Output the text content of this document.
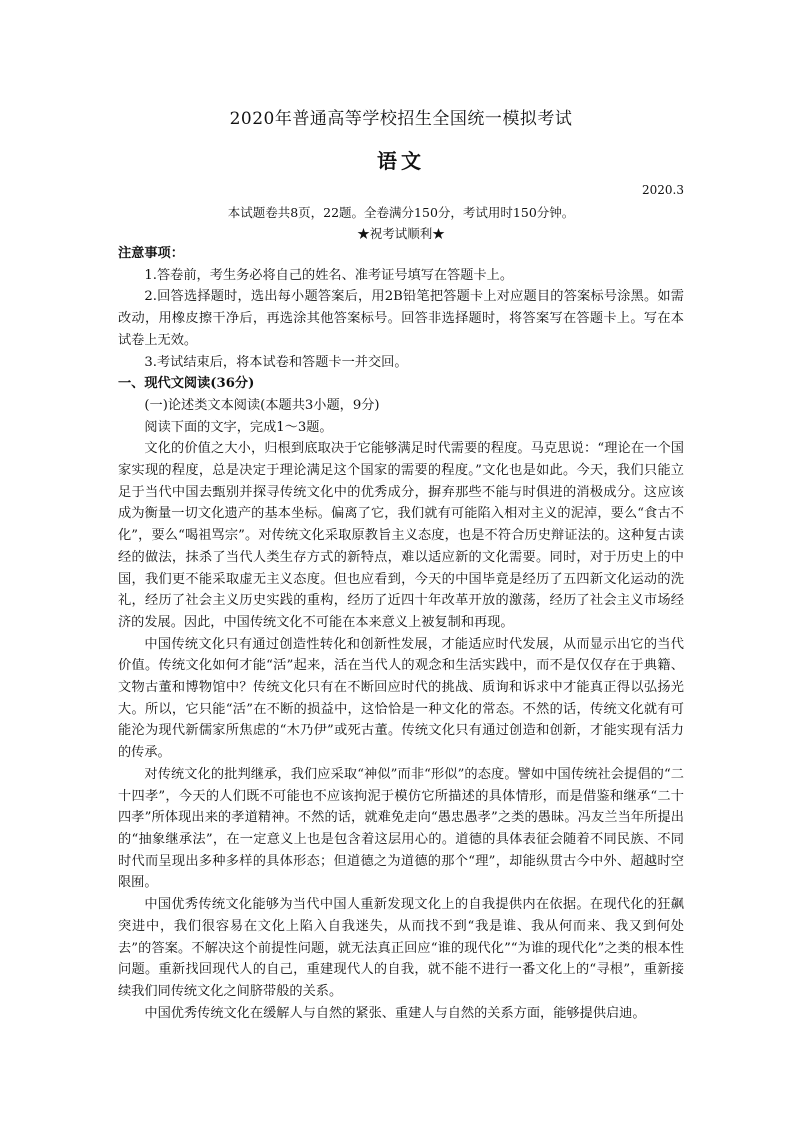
2020年普通高等学校招生全国统一模拟考试
语文
2020.3
本试题卷共8页，22题。全卷满分150分，考试用时150分钟。
★祝考试顺利★

注意事项：

1.答卷前，考生务必将自己的姓名、准考证号填写在答题卡上。

2.回答选择题时，选出每小题答案后，用2B铅笔把答题卡上对应题目的答案标号涂黑。如需改动，用橡皮擦干净后，再选涂其他答案标号。回答非选择题时，将答案写在答题卡上。写在本试卷上无效。

3.考试结束后，将本试卷和答题卡一并交回。

一、现代文阅读(36分)

(一)论述类文本阅读(本题共3小题，9分)

阅读下面的文字，完成1～3题。

文化的价值之大小，归根到底取决于它能够满足时代需要的程度。马克思说：“理论在一个国家实现的程度，总是决定于理论满足这个国家的需要的程度。”文化也是如此。今天，我们只能立足于当代中国去甄别并探寻传统文化中的优秀成分，摒弃那些不能与时俱进的消极成分。这应该成为衡量一切文化遗产的基本坐标。偏离了它，我们就有可能陷入相对主义的泥淖，要么“食古不化”，要么“喝祖骂宗”。对传统文化采取原教旨主义态度，也是不符合历史辩证法的。这种复古读经的做法，抹杀了当代人类生存方式的新特点，难以适应新的文化需要。同时，对于历史上的中国，我们更不能采取虚无主义态度。但也应看到，今天的中国毕竟是经历了五四新文化运动的洗礼，经历了社会主义历史实践的重构，经历了近四十年改革开放的激荡，经历了社会主义市场经济的发展。因此，中国传统文化不可能在本来意义上被复制和再现。

中国传统文化只有通过创造性转化和创新性发展，才能适应时代发展，从而显示出它的当代价值。传统文化如何才能“活”起来，活在当代人的观念和生活实践中，而不是仅仅存在于典籍、文物古董和博物馆中？传统文化只有在不断回应时代的挑战、质询和诉求中才能真正得以弘扬光大。所以，它只能“活”在不断的损益中，这恰恰是一种文化的常态。不然的话，传统文化就有可能沦为现代新儒家所焦虑的“木乃伊”或死古董。传统文化只有通过创造和创新，才能实现有活力的传承。

对传统文化的批判继承，我们应采取“神似”而非“形似”的态度。譬如中国传统社会提倡的“二十四孝”，今天的人们既不可能也不应该拘泥于模仿它所描述的具体情形，而是借鉴和继承“二十四孝”所体现出来的孝道精神。不然的话，就难免走向“愚忠愚孝”之类的愚昧。冯友兰当年所提出的“抽象继承法”，在一定意义上也是包含着这层用心的。道德的具体表征会随着不同民族、不同时代而呈现出多种多样的具体形态；但道德之为道德的那个“理”，却能纵贯古今中外、超越时空限囿。

中国优秀传统文化能够为当代中国人重新发现文化上的自我提供内在依据。在现代化的狂飙突进中，我们很容易在文化上陷入自我迷失，从而找不到“我是谁、我从何而来、我又到何处去”的答案。不解决这个前提性问题，就无法真正回应“谁的现代化”“为谁的现代化”之类的根本性问题。重新找回现代人的自己，重建现代人的自我，就不能不进行一番文化上的“寻根”，重新接续我们同传统文化之间脐带般的关系。

中国优秀传统文化在缓解人与自然的紧张、重建人与自然的关系方面，能够提供启迪。
